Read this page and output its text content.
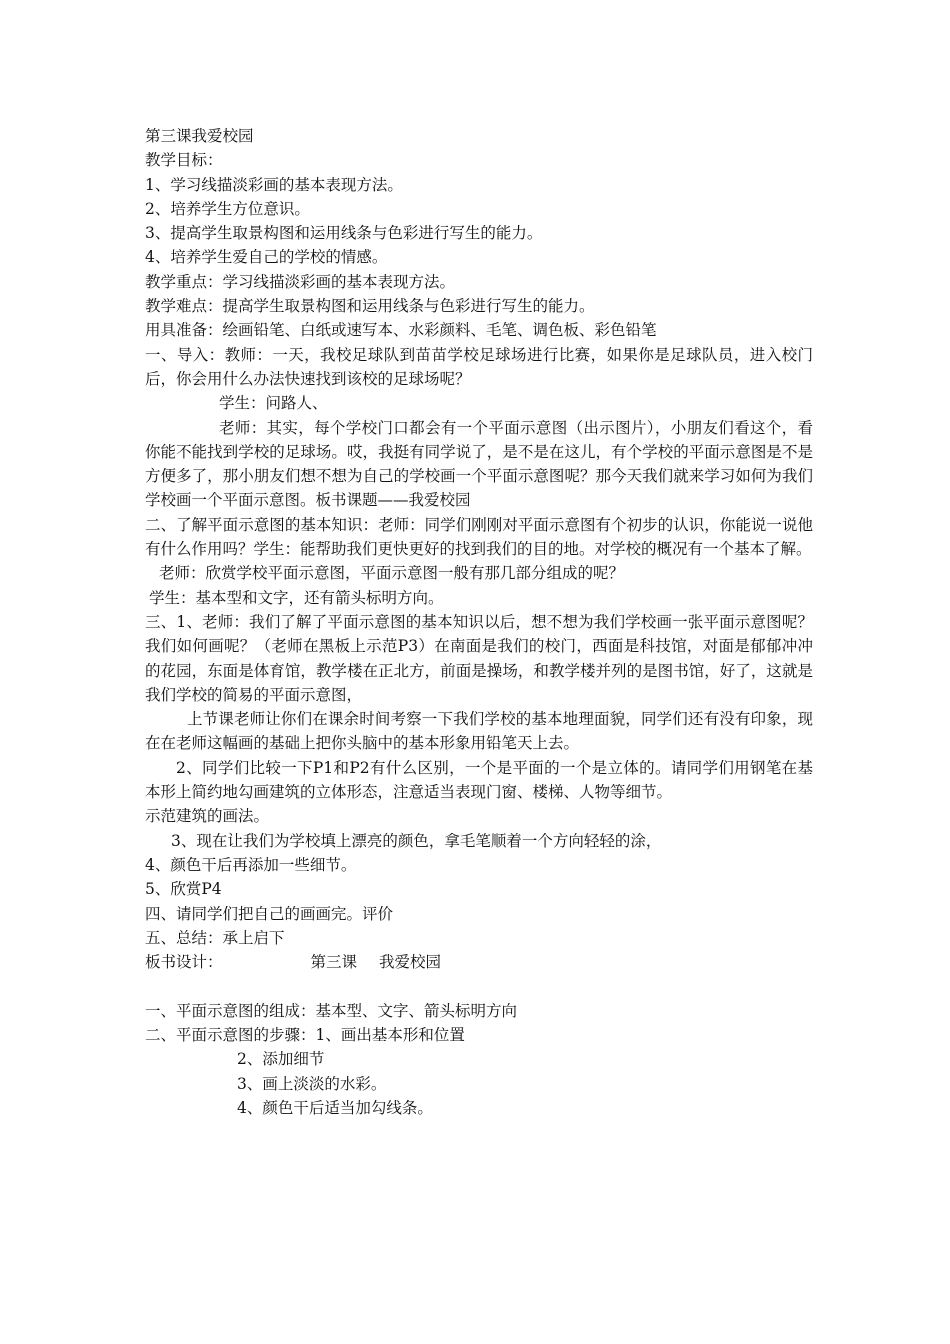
第三课我爱校园
教学目标：
1、学习线描淡彩画的基本表现方法。
2、培养学生方位意识。
3、提高学生取景构图和运用线条与色彩进行写生的能力。
4、培养学生爱自己的学校的情感。
教学重点：学习线描淡彩画的基本表现方法。
教学难点：提高学生取景构图和运用线条与色彩进行写生的能力。
用具准备：绘画铅笔、白纸或速写本、水彩颜料、毛笔、调色板、彩色铅笔
一、导入：教师：一天，我校足球队到苗苗学校足球场进行比赛，如果你是足球队员，进入校门后，你会用什么办法快速找到该校的足球场呢？
学生：问路人、
老师：其实，每个学校门口都会有一个平面示意图（出示图片），小朋友们看这个，看你能不能找到学校的足球场。哎，我挺有同学说了，是不是在这儿，有个学校的平面示意图是不是方便多了，那小朋友们想不想为自己的学校画一个平面示意图呢？那今天我们就来学习如何为我们学校画一个平面示意图。板书课题——我爱校园
二、了解平面示意图的基本知识：老师：同学们刚刚对平面示意图有个初步的认识，你能说一说他有什么作用吗？学生：能帮助我们更快更好的找到我们的目的地。对学校的概况有一个基本了解。
老师：欣赏学校平面示意图，平面示意图一般有那几部分组成的呢？
学生：基本型和文字，还有箭头标明方向。
三、1、老师：我们了解了平面示意图的基本知识以后，想不想为我们学校画一张平面示意图呢？我们如何画呢？（老师在黑板上示范P3）在南面是我们的校门，西面是科技馆，对面是郁郁冲冲的花园，东面是体育馆，教学楼在正北方，前面是操场，和教学楼并列的是图书馆，好了，这就是我们学校的简易的平面示意图，
上节课老师让你们在课余时间考察一下我们学校的基本地理面貌，同学们还有没有印象，现在在老师这幅画的基础上把你头脑中的基本形象用铅笔天上去。
2、同学们比较一下P1和P2有什么区别，一个是平面的一个是立体的。请同学们用钢笔在基本形上简约地勾画建筑的立体形态，注意适当表现门窗、楼梯、人物等细节。
示范建筑的画法。
3、现在让我们为学校填上漂亮的颜色，拿毛笔顺着一个方向轻轻的涂，
4、颜色干后再添加一些细节。
5、欣赏P4
四、请同学们把自己的画画完。评价
五、总结：承上启下
板书设计：	第三课 我爱校园
一、平面示意图的组成：基本型、文字、箭头标明方向
二、平面示意图的步骤：1、画出基本形和位置
2、添加细节
3、画上淡淡的水彩。
4、颜色干后适当加勾线条。
